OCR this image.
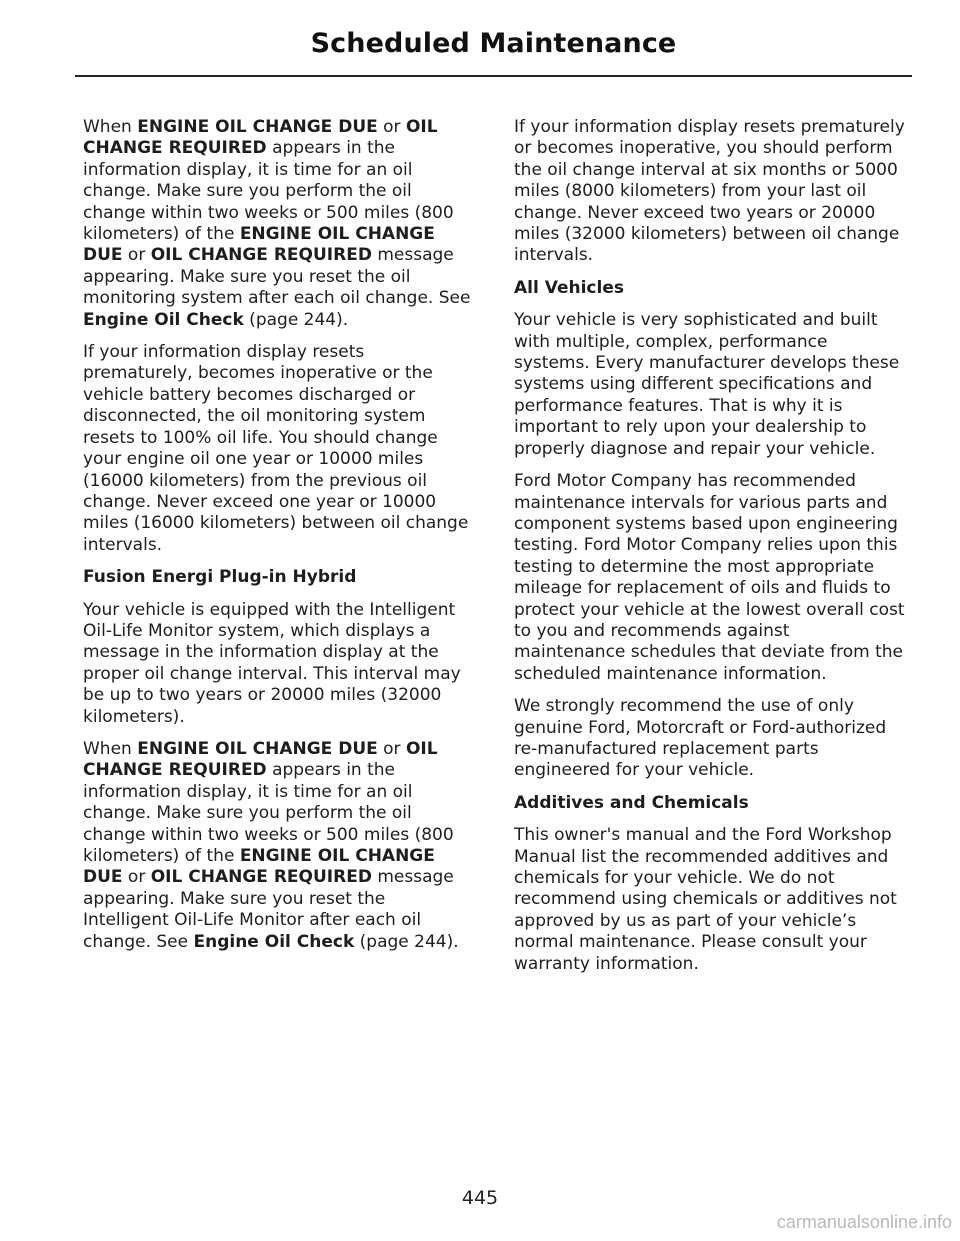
Scheduled Maintenance

When ENGINE OIL CHANGE DUE or OIL CHANGE REQUIRED appears in the information display, it is time for an oil change. Make sure you perform the oil change within two weeks or 500 miles (800 kilometers) of the ENGINE OIL CHANGE DUE or OIL CHANGE REQUIRED message appearing. Make sure you reset the oil monitoring system after each oil change. See Engine Oil Check (page 244).

If your information display resets prematurely, becomes inoperative or the vehicle battery becomes discharged or disconnected, the oil monitoring system resets to 100% oil life. You should change your engine oil one year or 10000 miles (16000 kilometers) from the previous oil change. Never exceed one year or 10000 miles (16000 kilometers) between oil change intervals.

Fusion Energi Plug-in Hybrid

Your vehicle is equipped with the Intelligent Oil-Life Monitor system, which displays a message in the information display at the proper oil change interval. This interval may be up to two years or 20000 miles (32000 kilometers).

When ENGINE OIL CHANGE DUE or OIL CHANGE REQUIRED appears in the information display, it is time for an oil change. Make sure you perform the oil change within two weeks or 500 miles (800 kilometers) of the ENGINE OIL CHANGE DUE or OIL CHANGE REQUIRED message appearing. Make sure you reset the Intelligent Oil-Life Monitor after each oil change. See Engine Oil Check (page 244).

If your information display resets prematurely or becomes inoperative, you should perform the oil change interval at six months or 5000 miles (8000 kilometers) from your last oil change. Never exceed two years or 20000 miles (32000 kilometers) between oil change intervals.

All Vehicles

Your vehicle is very sophisticated and built with multiple, complex, performance systems. Every manufacturer develops these systems using different specifications and performance features. That is why it is important to rely upon your dealership to properly diagnose and repair your vehicle.

Ford Motor Company has recommended maintenance intervals for various parts and component systems based upon engineering testing. Ford Motor Company relies upon this testing to determine the most appropriate mileage for replacement of oils and fluids to protect your vehicle at the lowest overall cost to you and recommends against maintenance schedules that deviate from the scheduled maintenance information.

We strongly recommend the use of only genuine Ford, Motorcraft or Ford-authorized re-manufactured replacement parts engineered for your vehicle.

Additives and Chemicals

This owner's manual and the Ford Workshop Manual list the recommended additives and chemicals for your vehicle. We do not recommend using chemicals or additives not approved by us as part of your vehicle’s normal maintenance. Please consult your warranty information.

445
carmanualsonline.info
